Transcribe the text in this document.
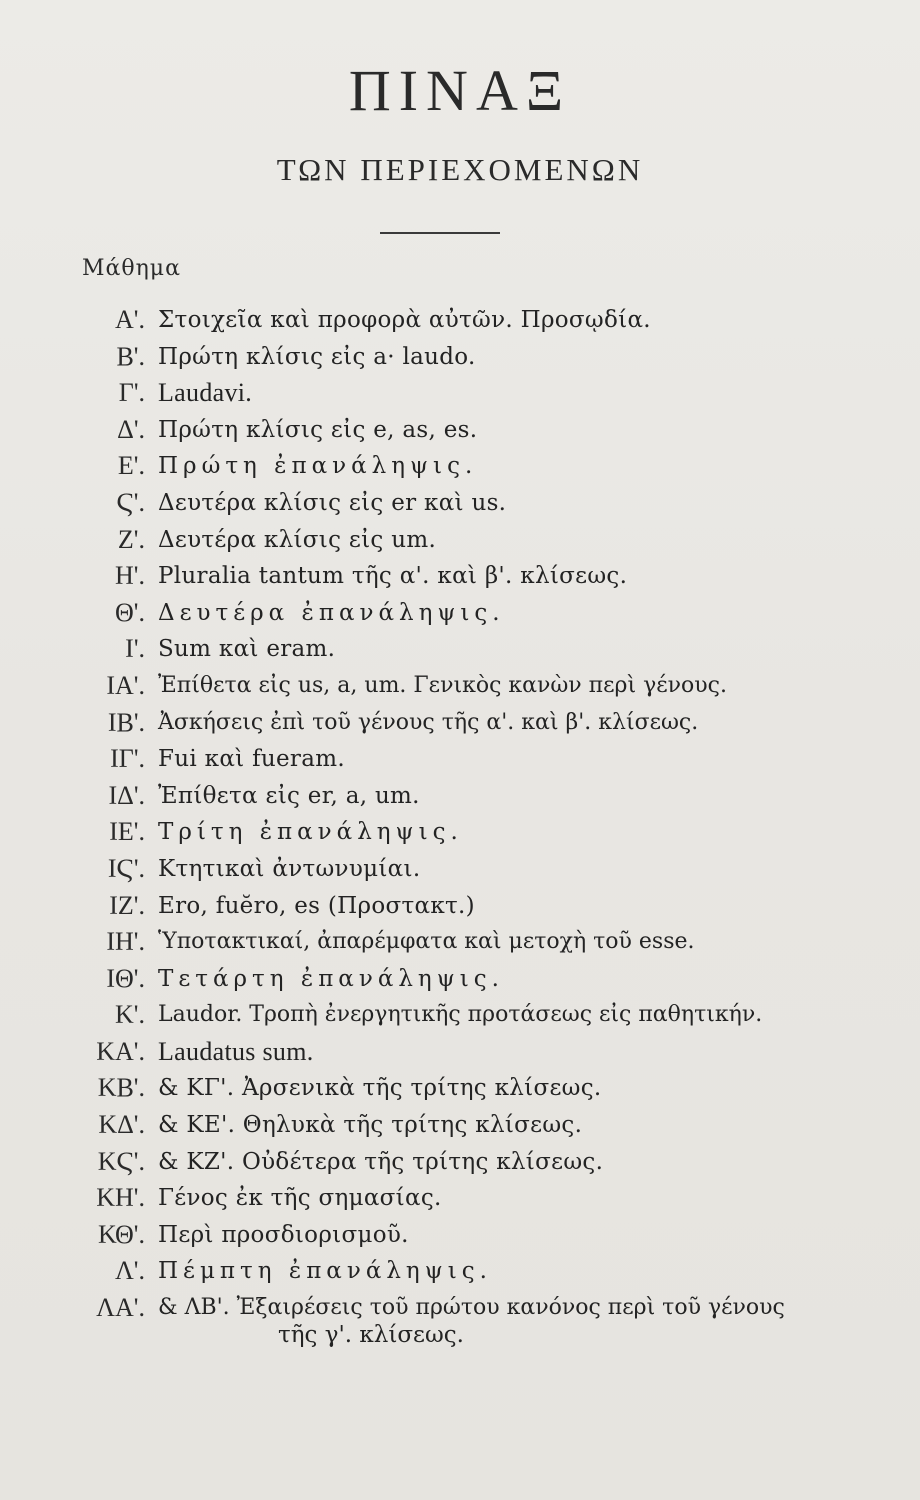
ΠΙΝΑΞ
ΤΩΝ ΠΕΡΙΕΧΟΜΕΝΩΝ
Μάθημα
Α'. Στοιχεῖα καὶ προφορὰ αὐτῶν. Προσῳδία.
Β'. Πρώτη κλίσις εἰς a· laudo.
Γ'. Laudavi.
Δ'. Πρώτη κλίσις εἰς e, as, es.
Ε'. Πρώτη ἐπανάληψις.
Ϛ'. Δευτέρα κλίσις εἰς er καὶ us.
Ζ'. Δευτέρα κλίσις εἰς um.
Η'. Pluralia tantum τῆς α'. καὶ β'. κλίσεως.
Θ'. Δευτέρα ἐπανάληψις.
Ι'. Sum καὶ eram.
ΙΑ'. Ἐπίθετα εἰς us, a, um. Γενικὸς κανὼν περὶ γένους.
ΙΒ'. Ἀσκήσεις ἐπὶ τοῦ γένους τῆς α'. καὶ β'. κλίσεως.
ΙΓ'. Fui καὶ fueram.
ΙΔ'. Ἐπίθετα εἰς er, a, um.
ΙΕ'. Τρίτη ἐπανάληψις.
ΙϚ'. Κτητικαὶ ἀντωνυμίαι.
ΙΖ'. Ero, fuĕro, es (Προστακτ.)
ΙΗ'. Ὑποτακτικαί, ἀπαρέμφατα καὶ μετοχὴ τοῦ esse.
ΙΘ'. Τετάρτη ἐπανάληψις.
Κ'. Laudor. Τροπὴ ἐνεργητικῆς προτάσεως εἰς παθητικήν.
ΚΑ'. Laudatus sum.
ΚΒ'. & ΚΓ'. Ἀρσενικὰ τῆς τρίτης κλίσεως.
ΚΔ'. & ΚΕ'. Θηλυκὰ τῆς τρίτης κλίσεως.
ΚϚ'. & ΚΖ'. Οὐδέτερα τῆς τρίτης κλίσεως.
ΚΗ'. Γένος ἐκ τῆς σημασίας.
ΚΘ'. Περὶ προσδιορισμοῦ.
Λ'. Πέμπτη ἐπανάληψις.
ΛΑ'. & ΛΒ'. Ἐξαιρέσεις τοῦ πρώτου κανόνος περὶ τοῦ γένους
τῆς γ'. κλίσεως.
